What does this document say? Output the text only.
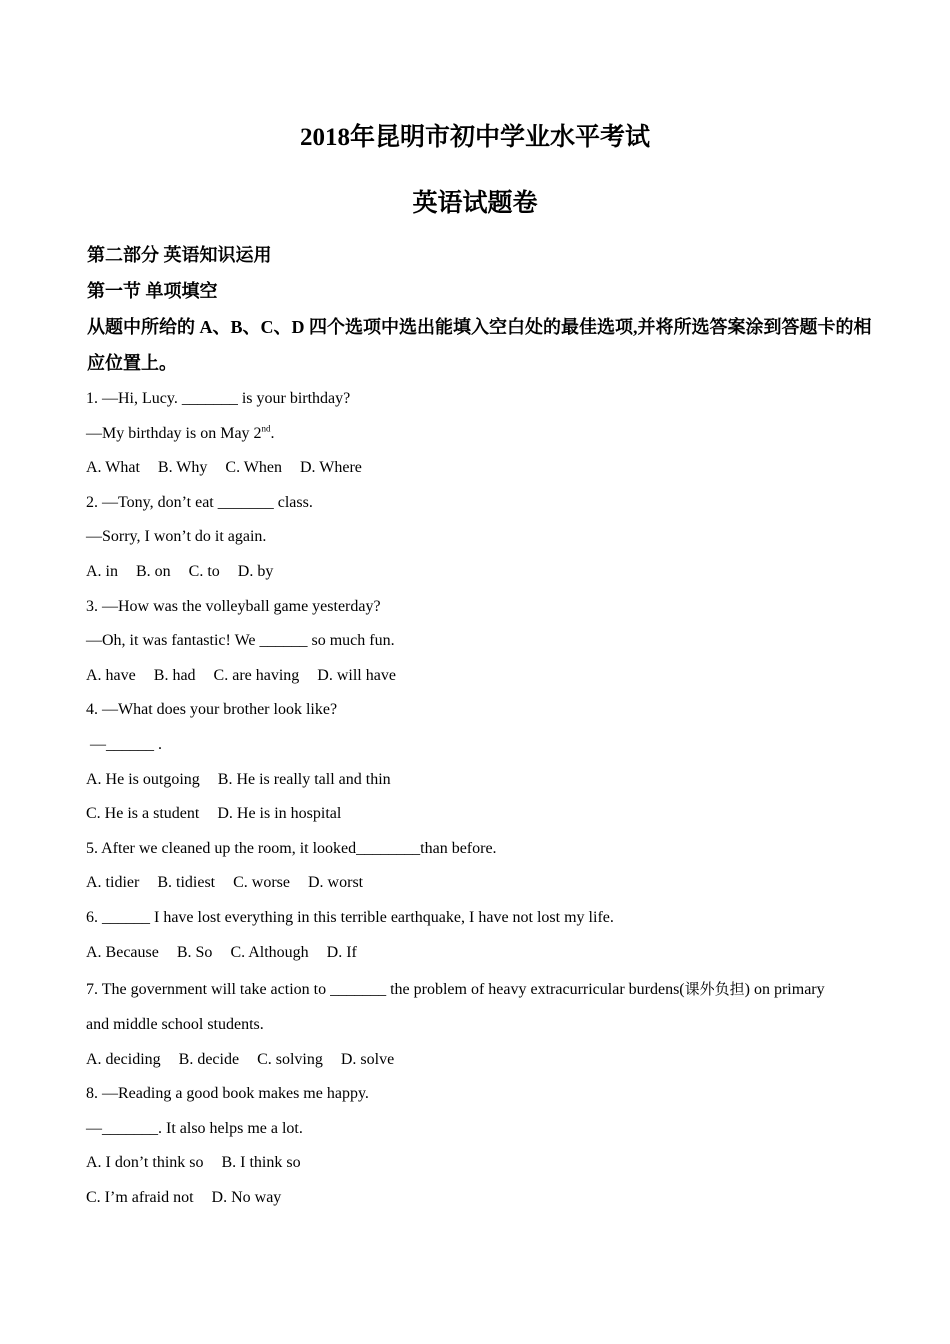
2018年昆明市初中学业水平考试
英语试题卷

第二部分 英语知识运用

第一节 单项填空

从题中所给的 A、B、C、D 四个选项中选出能填入空白处的最佳选项,并将所选答案涂到答题卡的相应位置上。

1. —Hi, Lucy. _______ is your birthday?

—My birthday is on May 2nd.

A. What B. Why C. When D. Where

2. —Tony, don’t eat _______ class.

—Sorry, I won’t do it again.

A. in B. on C. to D. by

3. —How was the volleyball game yesterday?

—Oh, it was fantastic! We ______ so much fun.

A. have B. had C. are having D. will have

4. —What does your brother look like?

—______ .

A. He is outgoing B. He is really tall and thin

C. He is a student D. He is in hospital

5. After we cleaned up the room, it looked________than before.

A. tidier B. tidiest C. worse D. worst

6. ______ I have lost everything in this terrible earthquake, I have not lost my life.

A. Because B. So C. Although D. If

7. The government will take action to _______ the problem of heavy extracurricular burdens(课外负担) on primary

and middle school students.

A. deciding B. decide C. solving D. solve

8. —Reading a good book makes me happy.

—_______. It also helps me a lot.

A. I don’t think so B. I think so

C. I’m afraid not D. No way
